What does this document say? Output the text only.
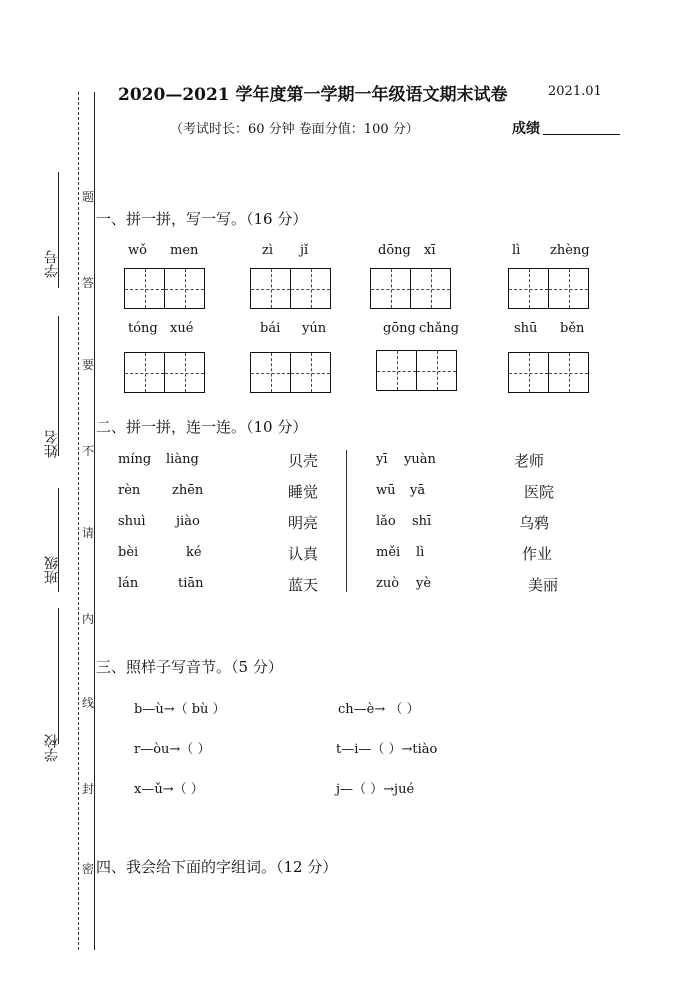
学号
姓名
班级
学校
题
答
要
不
请
内
线
封
密
2020—2021 学年度第一学期一年级语文期末试卷	2021.01
（考试时长：60 分钟 卷面分值：100 分）	成绩
一、拼一拼，写一写。（16 分）
wǒ men	zì jǐ	dōng xī	lì zhèng
tóng xué	bái yún	gōng chǎng	shū běn
二、拼一拼，连一连。（10 分）
míng liàng
rèn zhēn
shuì jiào
bèi	ké
lán	tiān
贝壳
睡觉
明亮
认真
蓝天
yī yuàn
wū yā
lǎo shī
měi lì
zuò yè
老师
医院
乌鸦
作业
美丽
三、照样子写音节。（5 分）
b—ù→（ bù ）	ch—è→ （ ）
r—òu→（ ）	t—i—（ ）→tiào
x—ǔ→（ ）	j—（ ）→jué
四、我会给下面的字组词。（12 分）
